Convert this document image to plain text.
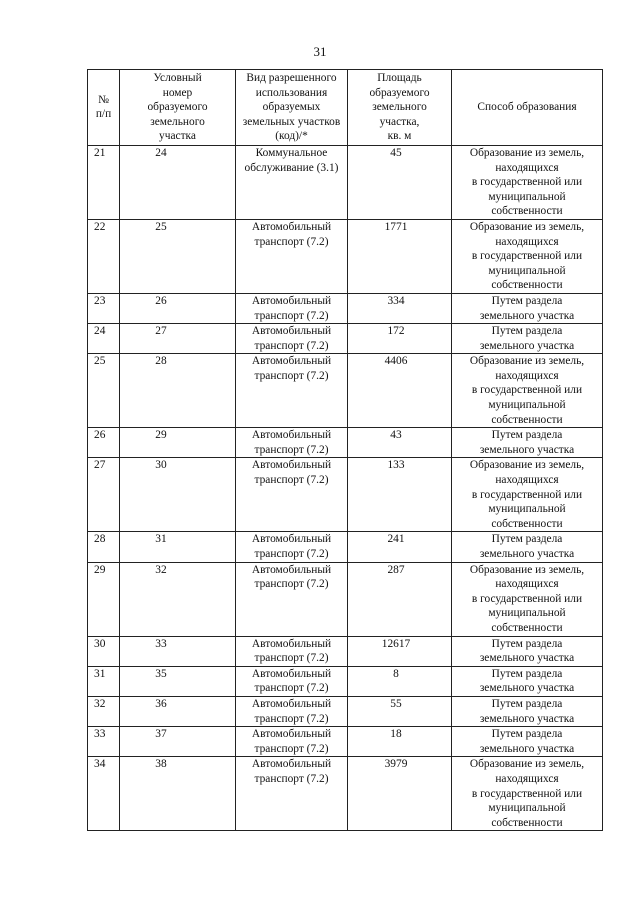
31
№
п/п	Условный
номер
образуемого
земельного
участка	Вид разрешенного
использования
образуемых
земельных участков
(код)/*	Площадь
образуемого
земельного
участка,
кв. м	Способ образования
21	24	Коммунальное
обслуживание (3.1)	45	Образование из земель,
находящихся
в государственной или
муниципальной
собственности
22	25	Автомобильный
транспорт (7.2)	1771	Образование из земель,
находящихся
в государственной или
муниципальной
собственности
23	26	Автомобильный
транспорт (7.2)	334	Путем раздела
земельного участка
24	27	Автомобильный
транспорт (7.2)	172	Путем раздела
земельного участка
25	28	Автомобильный
транспорт (7.2)	4406	Образование из земель,
находящихся
в государственной или
муниципальной
собственности
26	29	Автомобильный
транспорт (7.2)	43	Путем раздела
земельного участка
27	30	Автомобильный
транспорт (7.2)	133	Образование из земель,
находящихся
в государственной или
муниципальной
собственности
28	31	Автомобильный
транспорт (7.2)	241	Путем раздела
земельного участка
29	32	Автомобильный
транспорт (7.2)	287	Образование из земель,
находящихся
в государственной или
муниципальной
собственности
30	33	Автомобильный
транспорт (7.2)	12617	Путем раздела
земельного участка
31	35	Автомобильный
транспорт (7.2)	8	Путем раздела
земельного участка
32	36	Автомобильный
транспорт (7.2)	55	Путем раздела
земельного участка
33	37	Автомобильный
транспорт (7.2)	18	Путем раздела
земельного участка
34	38	Автомобильный
транспорт (7.2)	3979	Образование из земель,
находящихся
в государственной или
муниципальной
собственности
